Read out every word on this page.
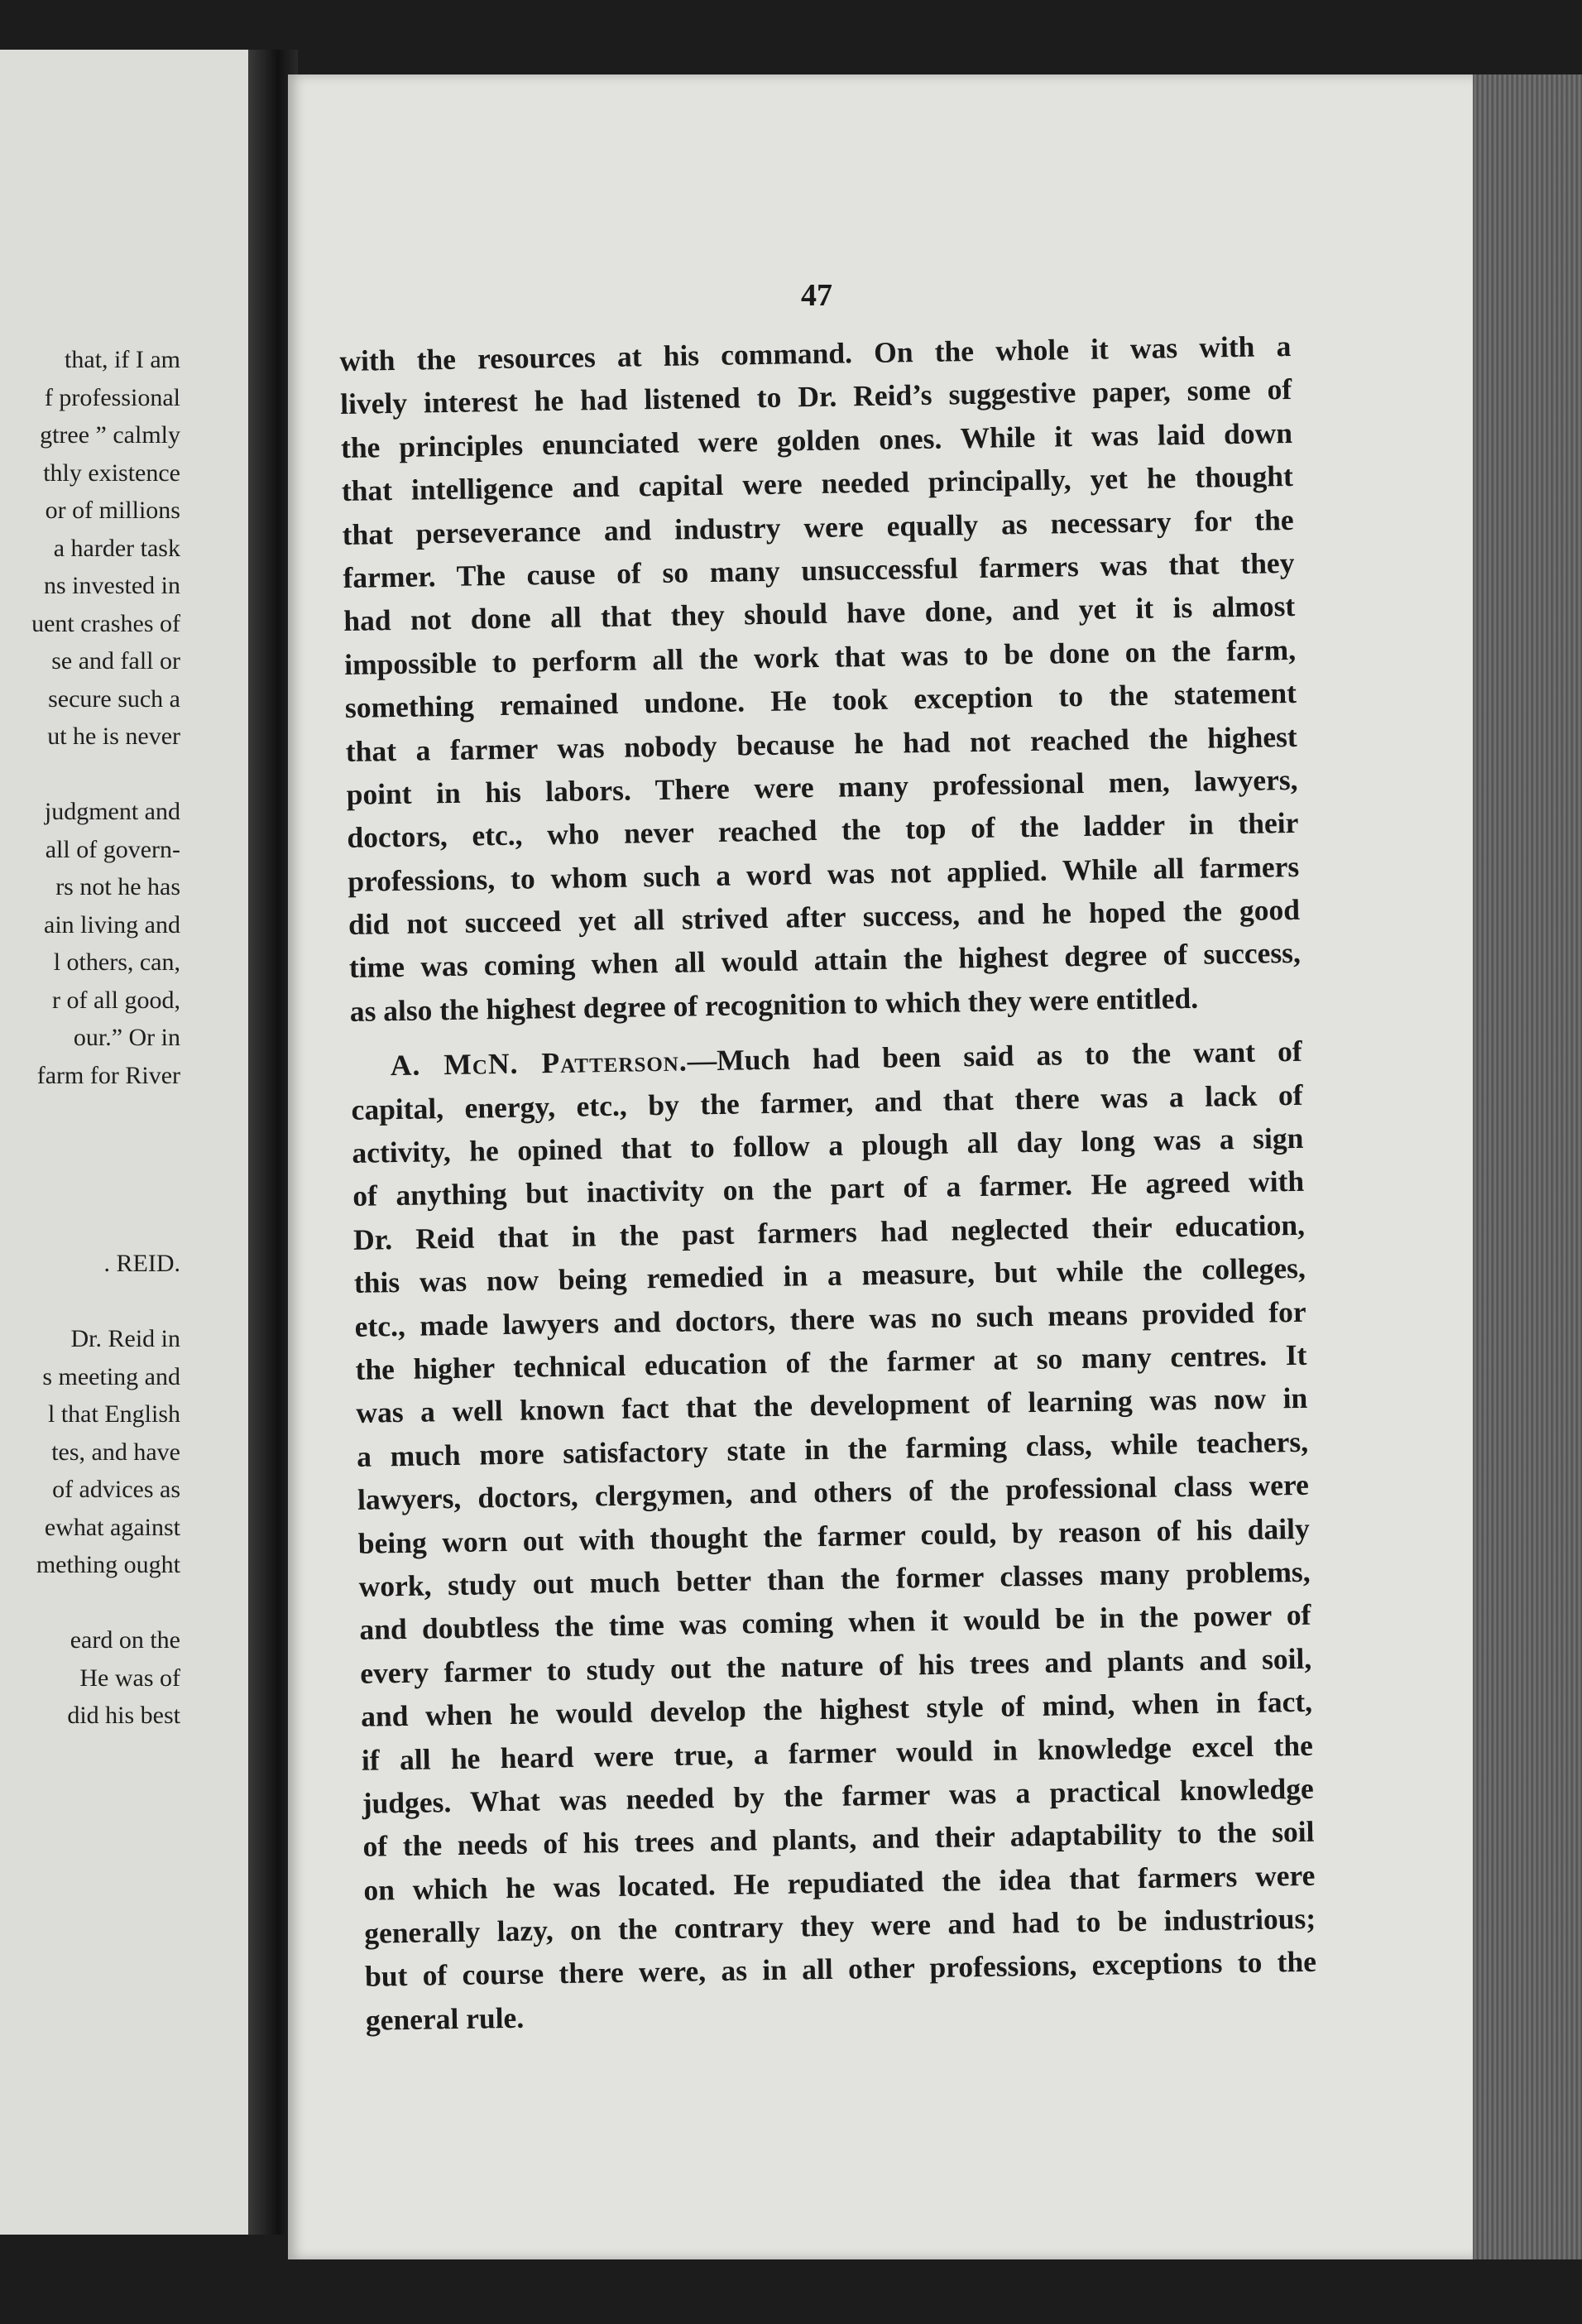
that, if I am
f professional
gtree ” calmly
thly existence
or of millions
a harder task
ns invested in
uent crashes of
se and fall or
secure such a
ut he is never
judgment and
all of govern-
rs not he has
ain living and
l others, can,
r of all good,
our.” Or in
farm for River
. REID.
Dr. Reid in
s meeting and
l that English
tes, and have
of advices as
ewhat against
mething ought
eard on the
He was of
did his best
47
with the resources at his command. On the whole it was with a
lively interest he had listened to Dr. Reid’s suggestive paper, some of
the principles enunciated were golden ones. While it was laid down
that intelligence and capital were needed principally, yet he thought
that perseverance and industry were equally as necessary for the
farmer. The cause of so many unsuccessful farmers was that they
had not done all that they should have done, and yet it is almost
impossible to perform all the work that was to be done on the farm,
something remained undone. He took exception to the statement
that a farmer was nobody because he had not reached the highest
point in his labors. There were many professional men, lawyers,
doctors, etc., who never reached the top of the ladder in their
professions, to whom such a word was not applied. While all farmers
did not succeed yet all strived after success, and he hoped the good
time was coming when all would attain the highest degree of success,
as also the highest degree of recognition to which they were entitled.
A. McN. Patterson.—Much had been said as to the want of
capital, energy, etc., by the farmer, and that there was a lack of
activity, he opined that to follow a plough all day long was a sign
of anything but inactivity on the part of a farmer. He agreed with
Dr. Reid that in the past farmers had neglected their education,
this was now being remedied in a measure, but while the colleges,
etc., made lawyers and doctors, there was no such means provided for
the higher technical education of the farmer at so many centres. It
was a well known fact that the development of learning was now in
a much more satisfactory state in the farming class, while teachers,
lawyers, doctors, clergymen, and others of the professional class were
being worn out with thought the farmer could, by reason of his daily
work, study out much better than the former classes many problems,
and doubtless the time was coming when it would be in the power of
every farmer to study out the nature of his trees and plants and soil,
and when he would develop the highest style of mind, when in fact,
if all he heard were true, a farmer would in knowledge excel the
judges. What was needed by the farmer was a practical knowledge
of the needs of his trees and plants, and their adaptability to the soil
on which he was located. He repudiated the idea that farmers were
generally lazy, on the contrary they were and had to be industrious;
but of course there were, as in all other professions, exceptions to the
general rule.
